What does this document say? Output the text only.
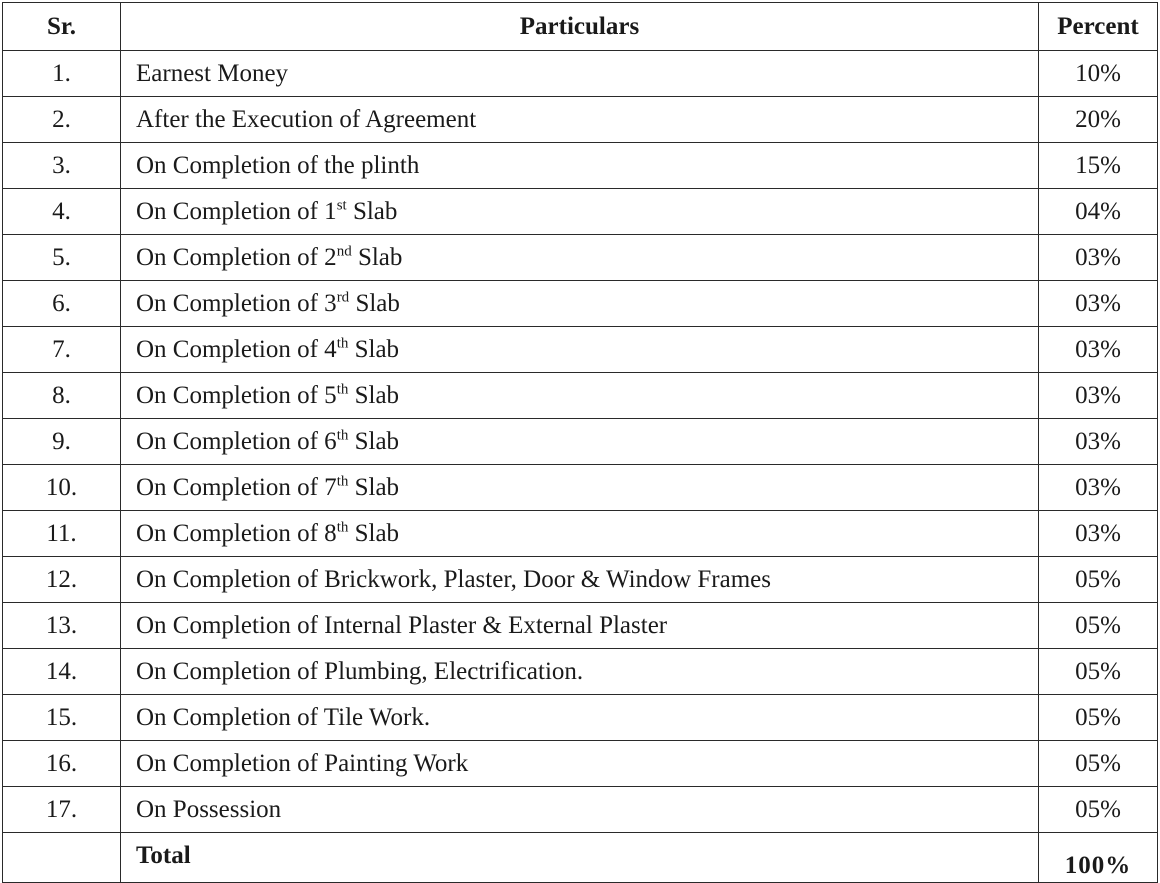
Sr.	Particulars	Percent
1.	Earnest Money	10%
2.	After the Execution of Agreement	20%
3.	On Completion of the plinth	15%
4.	On Completion of 1st Slab	04%
5.	On Completion of 2nd Slab	03%
6.	On Completion of 3rd Slab	03%
7.	On Completion of 4th Slab	03%
8.	On Completion of 5th Slab	03%
9.	On Completion of 6th Slab	03%
10.	On Completion of 7th Slab	03%
11.	On Completion of 8th Slab	03%
12.	On Completion of Brickwork, Plaster, Door & Window Frames	05%
13.	On Completion of Internal Plaster & External Plaster	05%
14.	On Completion of Plumbing, Electrification.	05%
15.	On Completion of Tile Work.	05%
16.	On Completion of Painting Work	05%
17.	On Possession	05%
	Total	100%
